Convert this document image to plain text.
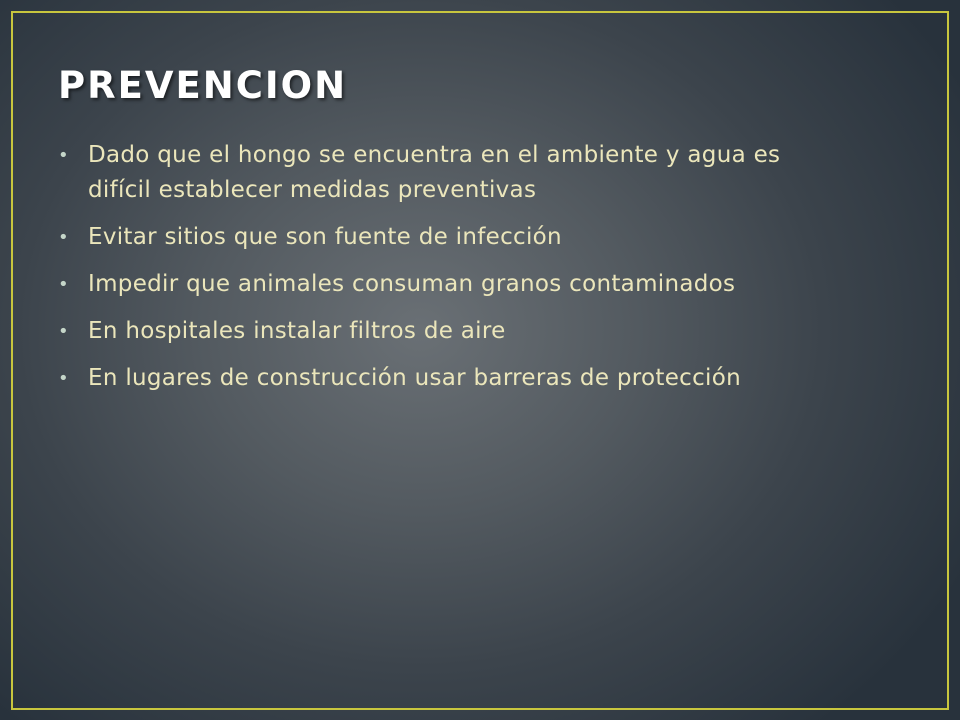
PREVENCION
• Dado que el hongo se encuentra en el ambiente y agua es difícil establecer medidas preventivas
• Evitar sitios que son fuente de infección
• Impedir que animales consuman granos contaminados
• En hospitales instalar filtros de aire
• En lugares de construcción usar barreras de protección
